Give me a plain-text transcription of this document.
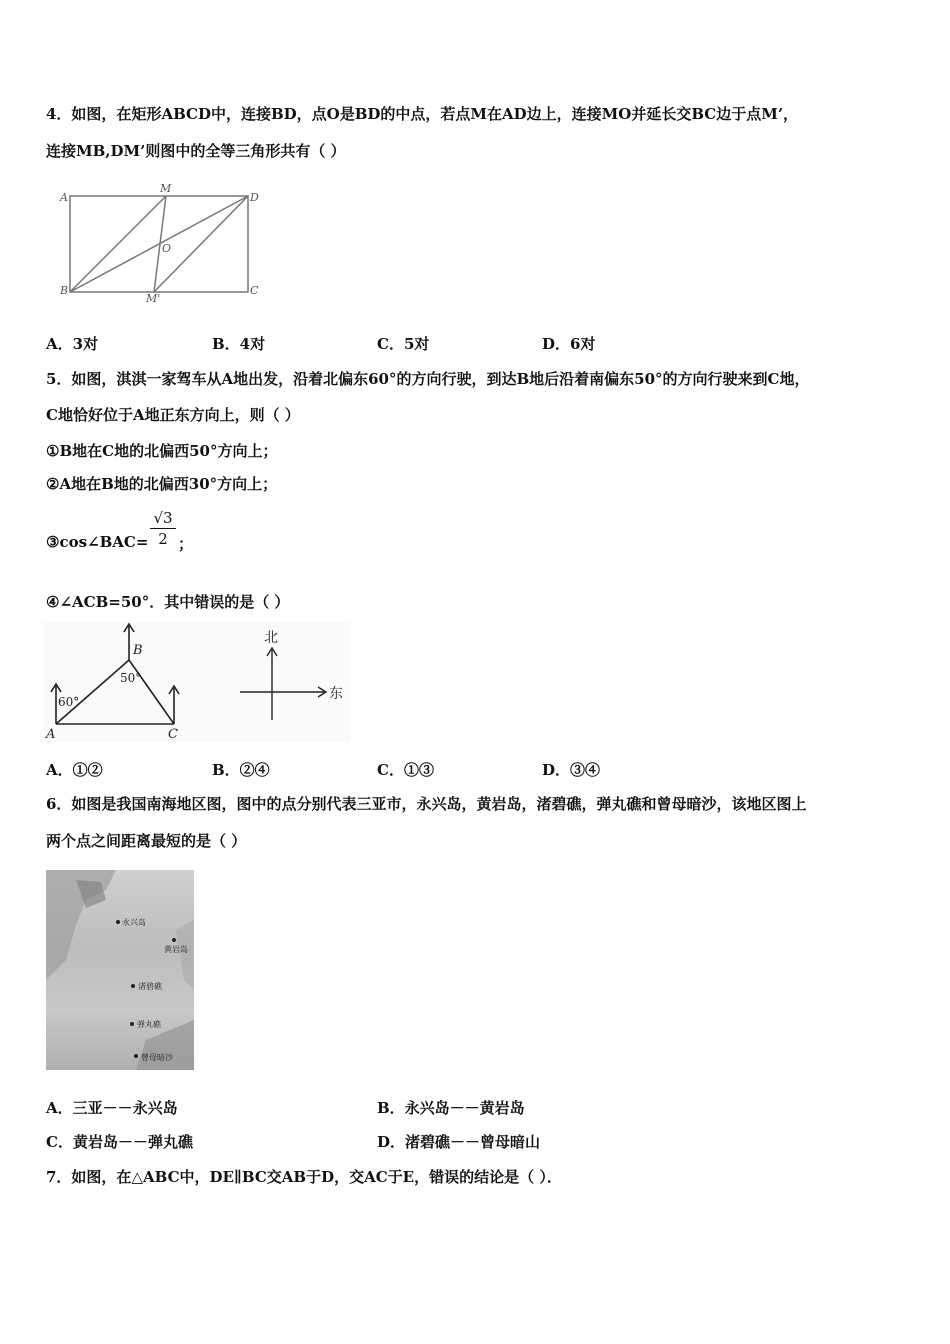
4．如图，在矩形ABCD中，连接BD，点O是BD的中点，若点M在AD边上，连接MO并延长交BC边于点M’，
连接MB,DM’则图中的全等三角形共有（ ）
A
M
D
B
M'
C
O
A．3对	B．4对	C．5对	D．6对
5．如图，淇淇一家驾车从A地出发，沿着北偏东60°的方向行驶，到达B地后沿着南偏东50°的方向行驶来到C地，
C地恰好位于A地正东方向上，则（ ）
①B地在C地的北偏西50°方向上；
②A地在B地的北偏西30°方向上；
③cos∠BAC=
√3
2 ；
④∠ACB=50°．其中错误的是（ ）
A
B
C
60°
50°
北
东
A．①②	B．②④	C．①③	D．③④
6．如图是我国南海地区图，图中的点分别代表三亚市，永兴岛，黄岩岛，渚碧礁，弹丸礁和曾母暗沙，该地区图上
两个点之间距离最短的是（ ）
永兴岛
黄岩岛
渚碧礁
弹丸礁
曾母暗沙
A．三亚－－永兴岛	B．永兴岛－－黄岩岛
C．黄岩岛－－弹丸礁	D．渚碧礁－－曾母暗山
7．如图，在△ABC中，DE∥BC交AB于D，交AC于E，错误的结论是（ ）．
